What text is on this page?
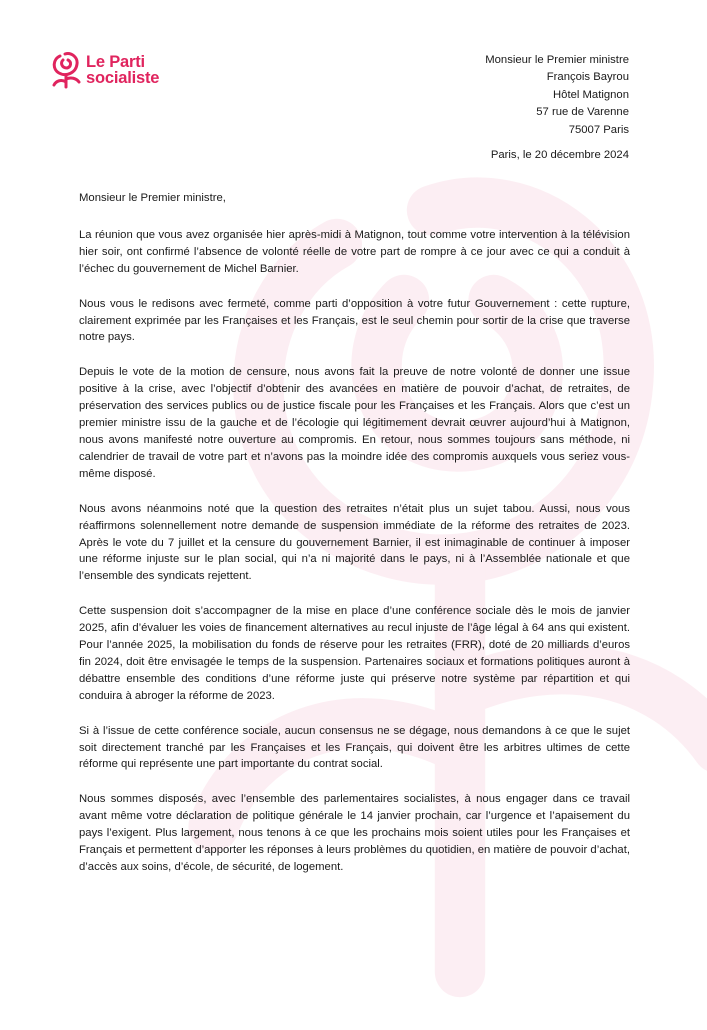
Le Parti
socialiste
Monsieur le Premier ministre
François Bayrou
Hôtel Matignon
57 rue de Varenne
75007 Paris
Paris, le 20 décembre 2024

Monsieur le Premier ministre,

La réunion que vous avez organisée hier après-midi à Matignon, tout comme votre intervention à la télévision hier soir, ont confirmé l’absence de volonté réelle de votre part de rompre à ce jour avec ce qui a conduit à l’échec du gouvernement de Michel Barnier.

Nous vous le redisons avec fermeté, comme parti d’opposition à votre futur Gouvernement : cette rupture, clairement exprimée par les Françaises et les Français, est le seul chemin pour sortir de la crise que traverse notre pays.

Depuis le vote de la motion de censure, nous avons fait la preuve de notre volonté de donner une issue positive à la crise, avec l’objectif d’obtenir des avancées en matière de pouvoir d’achat, de retraites, de préservation des services publics ou de justice fiscale pour les Françaises et les Français. Alors que c’est un premier ministre issu de la gauche et de l’écologie qui légitimement devrait œuvrer aujourd’hui à Matignon, nous avons manifesté notre ouverture au compromis. En retour, nous sommes toujours sans méthode, ni calendrier de travail de votre part et n’avons pas la moindre idée des compromis auxquels vous seriez vous-même disposé.

Nous avons néanmoins noté que la question des retraites n’était plus un sujet tabou. Aussi, nous vous réaffirmons solennellement notre demande de suspension immédiate de la réforme des retraites de 2023. Après le vote du 7 juillet et la censure du gouvernement Barnier, il est inimaginable de continuer à imposer une réforme injuste sur le plan social, qui n’a ni majorité dans le pays, ni à l’Assemblée nationale et que l’ensemble des syndicats rejettent.

Cette suspension doit s’accompagner de la mise en place d’une conférence sociale dès le mois de janvier 2025, afin d’évaluer les voies de financement alternatives au recul injuste de l’âge légal à 64 ans qui existent. Pour l’année 2025, la mobilisation du fonds de réserve pour les retraites (FRR), doté de 20 milliards d’euros fin 2024, doit être envisagée le temps de la suspension. Partenaires sociaux et formations politiques auront à débattre ensemble des conditions d’une réforme juste qui préserve notre système par répartition et qui conduira à abroger la réforme de 2023.

Si à l’issue de cette conférence sociale, aucun consensus ne se dégage, nous demandons à ce que le sujet soit directement tranché par les Françaises et les Français, qui doivent être les arbitres ultimes de cette réforme qui représente une part importante du contrat social.

Nous sommes disposés, avec l’ensemble des parlementaires socialistes, à nous engager dans ce travail avant même votre déclaration de politique générale le 14 janvier prochain, car l’urgence et l’apaisement du pays l’exigent. Plus largement, nous tenons à ce que les prochains mois soient utiles pour les Françaises et Français et permettent d’apporter les réponses à leurs problèmes du quotidien, en matière de pouvoir d’achat, d’accès aux soins, d’école, de sécurité, de logement.
